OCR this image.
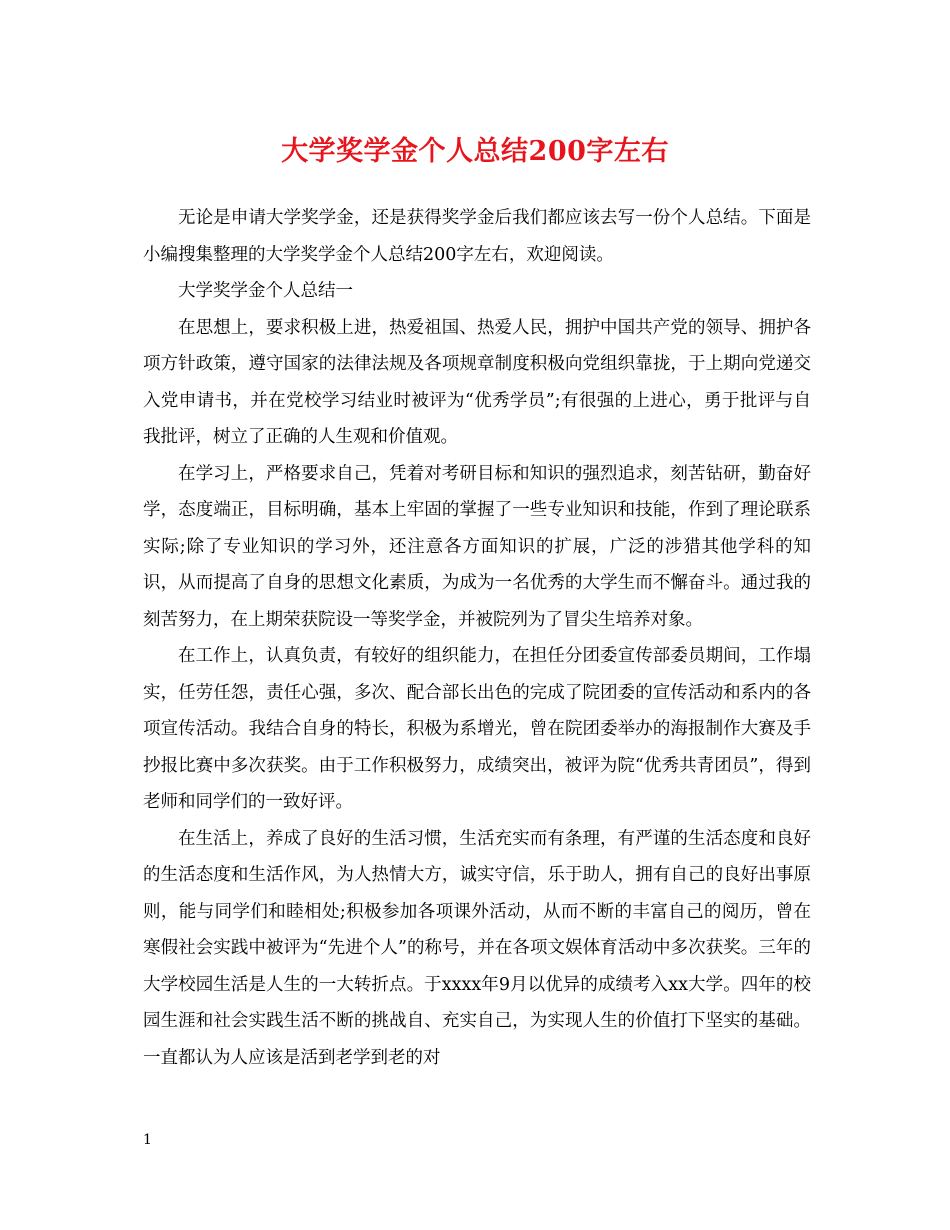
大学奖学金个人总结200字左右

无论是申请大学奖学金，还是获得奖学金后我们都应该去写一份个人总结。下面是小编搜集整理的大学奖学金个人总结200字左右，欢迎阅读。

大学奖学金个人总结一

在思想上，要求积极上进，热爱祖国、热爱人民，拥护中国共产党的领导、拥护各项方针政策，遵守国家的法律法规及各项规章制度积极向党组织靠拢，于上期向党递交入党申请书，并在党校学习结业时被评为“优秀学员”;有很强的上进心，勇于批评与自我批评，树立了正确的人生观和价值观。

在学习上，严格要求自己，凭着对考研目标和知识的强烈追求，刻苦钻研，勤奋好学，态度端正，目标明确，基本上牢固的掌握了一些专业知识和技能，作到了理论联系实际;除了专业知识的学习外，还注意各方面知识的扩展，广泛的涉猎其他学科的知识，从而提高了自身的思想文化素质，为成为一名优秀的大学生而不懈奋斗。通过我的刻苦努力，在上期荣获院设一等奖学金，并被院列为了冒尖生培养对象。

在工作上，认真负责，有较好的组织能力，在担任分团委宣传部委员期间，工作塌实，任劳任怨，责任心强，多次、配合部长出色的完成了院团委的宣传活动和系内的各项宣传活动。我结合自身的特长，积极为系增光，曾在院团委举办的海报制作大赛及手抄报比赛中多次获奖。由于工作积极努力，成绩突出，被评为院“优秀共青团员”，得到老师和同学们的一致好评。

在生活上，养成了良好的生活习惯，生活充实而有条理，有严谨的生活态度和良好的生活态度和生活作风，为人热情大方，诚实守信，乐于助人，拥有自己的良好出事原则，能与同学们和睦相处;积极参加各项课外活动，从而不断的丰富自己的阅历，曾在寒假社会实践中被评为“先进个人”的称号，并在各项文娱体育活动中多次获奖。三年的大学校园生活是人生的一大转折点。于xxxx年9月以优异的成绩考入xx大学。四年的校园生涯和社会实践生活不断的挑战自、充实自己，为实现人生的价值打下坚实的基础。一直都认为人应该是活到老学到老的对

1
